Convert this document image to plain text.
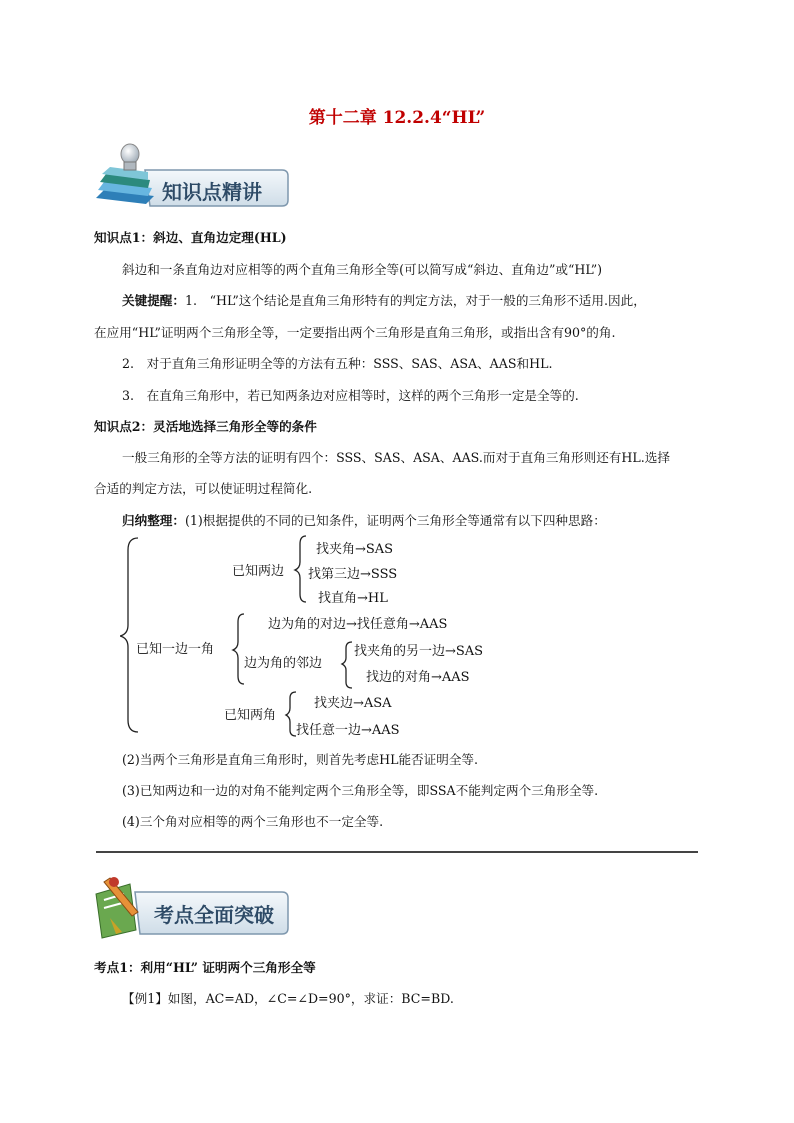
第十二章 12.2.4“HL”
知识点精讲
知识点1：斜边、直角边定理(HL)
斜边和一条直角边对应相等的两个直角三角形全等(可以简写成“斜边、直角边”或“HL”)
关键提醒：1.　“HL”这个结论是直角三角形特有的判定方法，对于一般的三角形不适用.因此，
在应用“HL”证明两个三角形全等，一定要指出两个三角形是直角三角形，或指出含有90°的角.
2.　对于直角三角形证明全等的方法有五种：SSS、SAS、ASA、AAS和HL.
3.　在直角三角形中，若已知两条边对应相等时，这样的两个三角形一定是全等的.
知识点2：灵活地选择三角形全等的条件
一般三角形的全等方法的证明有四个：SSS、SAS、ASA、AAS.而对于直角三角形则还有HL.选择
合适的判定方法，可以使证明过程简化.
归纳整理：(1)根据提供的不同的已知条件，证明两个三角形全等通常有以下四种思路：
已知两边
找夹角→SAS
找第三边→SSS
找直角→HL
已知一边一角
边为角的对边→找任意角→AAS
边为角的邻边
找夹角的另一边→SAS
找边的对角→AAS
已知两角
找夹边→ASA
找任意一边→AAS
(2)当两个三角形是直角三角形时，则首先考虑HL能否证明全等.
(3)已知两边和一边的对角不能判定两个三角形全等，即SSA不能判定两个三角形全等.
(4)三个角对应相等的两个三角形也不一定全等.
考点全面突破
考点1：利用“HL” 证明两个三角形全等
【例1】如图，AC=AD，∠C=∠D=90°，求证：BC=BD.
